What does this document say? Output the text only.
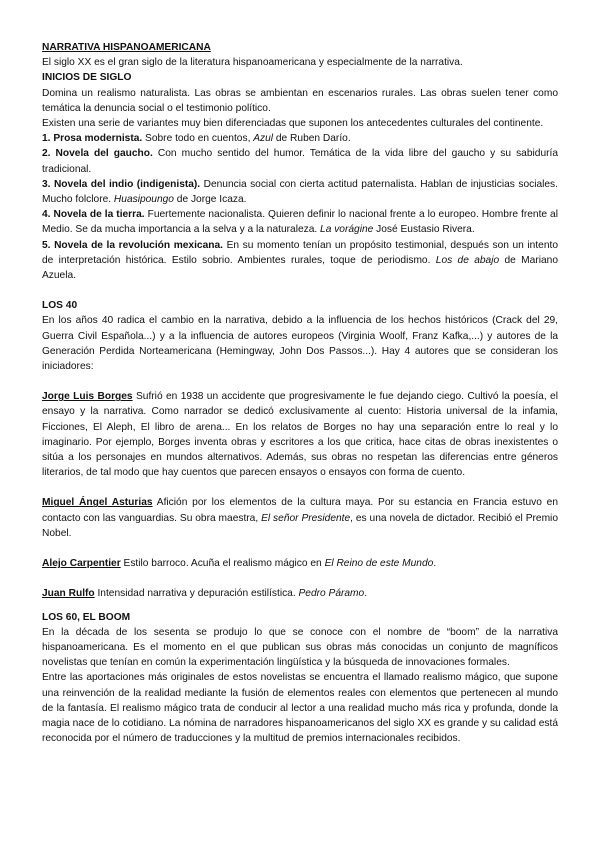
NARRATIVA HISPANOAMERICANA
El siglo XX es el gran siglo de la literatura hispanoamericana y especialmente de la narrativa.
INICIOS DE SIGLO
Domina un realismo naturalista. Las obras se ambientan en escenarios rurales. Las obras suelen tener como temática la denuncia social o el testimonio político.
Existen una serie de variantes muy bien diferenciadas que suponen los antecedentes culturales del continente.
1. Prosa modernista. Sobre todo en cuentos, Azul de Ruben Darío.
2. Novela del gaucho. Con mucho sentido del humor. Temática de la vida libre del gaucho y su sabiduría tradicional.
3. Novela del indio (indigenista). Denuncia social con cierta actitud paternalista. Hablan de injusticias sociales. Mucho folclore. Huasipoungo de Jorge Icaza.
4. Novela de la tierra. Fuertemente nacionalista. Quieren definir lo nacional frente a lo europeo. Hombre frente al Medio. Se da mucha importancia a la selva y a la naturaleza. La vorágine José Eustasio Rivera.
5. Novela de la revolución mexicana. En su momento tenían un propósito testimonial, después son un intento de interpretación histórica. Estilo sobrio. Ambientes rurales, toque de periodismo. Los de abajo de Mariano Azuela.
LOS 40
En los años 40 radica el cambio en la narrativa, debido a la influencia de los hechos históricos (Crack del 29, Guerra Civil Española...) y a la influencia de autores europeos (Virginia Woolf, Franz Kafka,...) y autores de la Generación Perdida Norteamericana (Hemingway, John Dos Passos...). Hay 4 autores que se consideran los iniciadores:
Jorge Luis Borges Sufrió en 1938 un accidente que progresivamente le fue dejando ciego. Cultivó la poesía, el ensayo y la narrativa. Como narrador se dedicó exclusivamente al cuento: Historia universal de la infamia, Ficciones, El Aleph, El libro de arena... En los relatos de Borges no hay una separación entre lo real y lo imaginario. Por ejemplo, Borges inventa obras y escritores a los que critica, hace citas de obras inexistentes o sitúa a los personajes en mundos alternativos. Además, sus obras no respetan las diferencias entre géneros literarios, de tal modo que hay cuentos que parecen ensayos o ensayos con forma de cuento.
Miguel Ángel Asturias Afición por los elementos de la cultura maya. Por su estancia en Francia estuvo en contacto con las vanguardias. Su obra maestra, El señor Presidente, es una novela de dictador. Recibió el Premio Nobel.
Alejo Carpentier Estilo barroco. Acuña el realismo mágico en El Reino de este Mundo.
Juan Rulfo Intensidad narrativa y depuración estilística. Pedro Páramo.
LOS 60, EL BOOM
En la década de los sesenta se produjo lo que se conoce con el nombre de “boom” de la narrativa hispanoamericana. Es el momento en el que publican sus obras más conocidas un conjunto de magníficos novelistas que tenían en común la experimentación lingüística y la búsqueda de innovaciones formales.
Entre las aportaciones más originales de estos novelistas se encuentra el llamado realismo mágico, que supone una reinvención de la realidad mediante la fusión de elementos reales con elementos que pertenecen al mundo de la fantasía. El realismo mágico trata de conducir al lector a una realidad mucho más rica y profunda, donde la magia nace de lo cotidiano. La nómina de narradores hispanoamericanos del siglo XX es grande y su calidad está reconocida por el número de traducciones y la multitud de premios internacionales recibidos.
